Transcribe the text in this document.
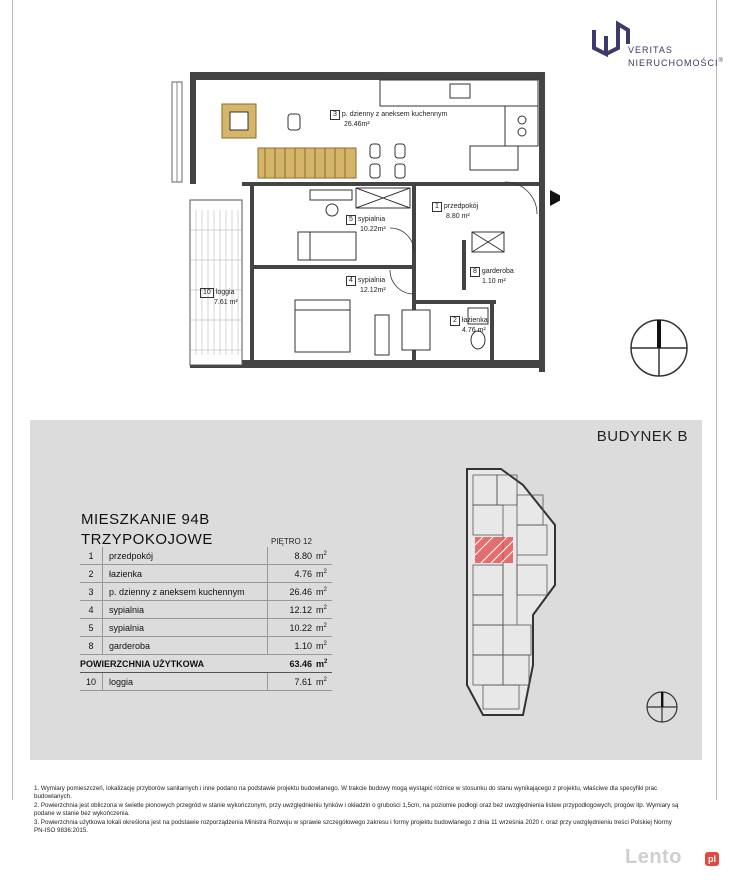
VERITAS
NIERUCHOMOŚCI®
3 p. dzienny z aneksem kuchennym
26.46m²
5 sypialnia
10.22m²
1 przedpokój
8.80 m²
4 sypialnia
12.12m²
8 garderoba
1.10 m²
10 loggia
7.61 m²
2 łazienka
4.76 m²
BUDYNEK B
MIESZKANIE 94B
TRZYPOKOJOWE	PIĘTRO 12
1	przedpokój	8.80	$m^2$
2	łazienka	4.76	$m^2$
3	p. dzienny z aneksem kuchennym	26.46	$m^2$
4	sypialnia	12.12	$m^2$
5	sypialnia	10.22	$m^2$
8	garderoba	1.10	$m^2$
POWIERZCHNIA UŻYTKOWA		63.46	$m^2$
10	loggia	7.61	$m^2$

1. Wymiary pomieszczeń, lokalizację przyborów sanitarnych i inne podano na podstawie projektu budowlanego. W trakcie budowy mogą wystąpić różnice w stosunku do stanu wynikającego z projektu, właściwe dla specyfiki prac budowlanych.

2. Powierzchnia jest obliczona w świetle pionowych przegród w stanie wykończonym, przy uwzględnieniu tynków i okładzin o grubości 1,5cm, na poziomie podłogi oraz bez uwzględnienia listew przypodłogowych, progów itp. Wymiary są podane w stanie bez wykończenia.

3. Powierzchnia użytkowa lokali określona jest na podstawie rozporządzenia Ministra Rozwoju w sprawie szczegółowego zakresu i formy projektu budowlanego z dnia 11 września 2020 r. oraz przy uwzględnieniu treści Polskiej Normy PN-ISO 9836:2015.

Lento	pl
